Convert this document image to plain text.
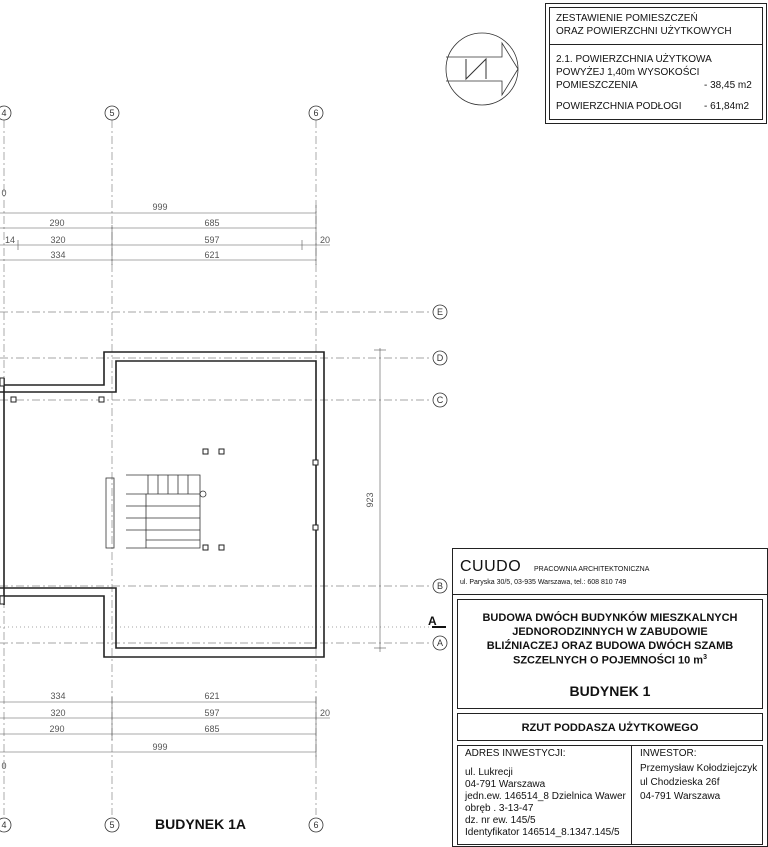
4	5	6
4	5	6
E
D
C
B
A
0
999
290	685
14	320	597	20
334	621
334	621
320	597	20
290	685
999
0
923
A
ZESTAWIENIE POMIESZCZEŃ
ORAZ POWIERZCHNI UŻYTKOWYCH
2.1. POWIERZCHNIA UŻYTKOWA
POWYŻEJ 1,40m WYSOKOŚCI
POMIESZCZENIA	- 38,45 m2
POWIERZCHNIA PODŁOGI - 61,84m2
CUUDO PRACOWNIA ARCHITEKTONICZNA
ul. Paryska 30/5, 03-935 Warszawa, tel.: 608 810 749
BUDOWA DWÓCH BUDYNKÓW MIESZKALNYCH
JEDNORODZINNYCH W ZABUDOWIE
BLIŹNIACZEJ ORAZ BUDOWA DWÓCH SZAMB
SZCZELNYCH O POJEMNOŚCI 10 $m^3$
BUDYNEK 1
RZUT PODDASZA UŻYTKOWEGO
ADRES INWESTYCJI:
ul. Lukrecji
04-791 Warszawa
jedn.ew. 146514_8 Dzielnica Wawer
obręb . 3-13-47
dz. nr ew. 145/5
Identyfikator 146514_8.1347.145/5
INWESTOR:
Przemysław Kołodziejczyk
ul Chodzieska 26f
04-791 Warszawa
BUDYNEK 1A
